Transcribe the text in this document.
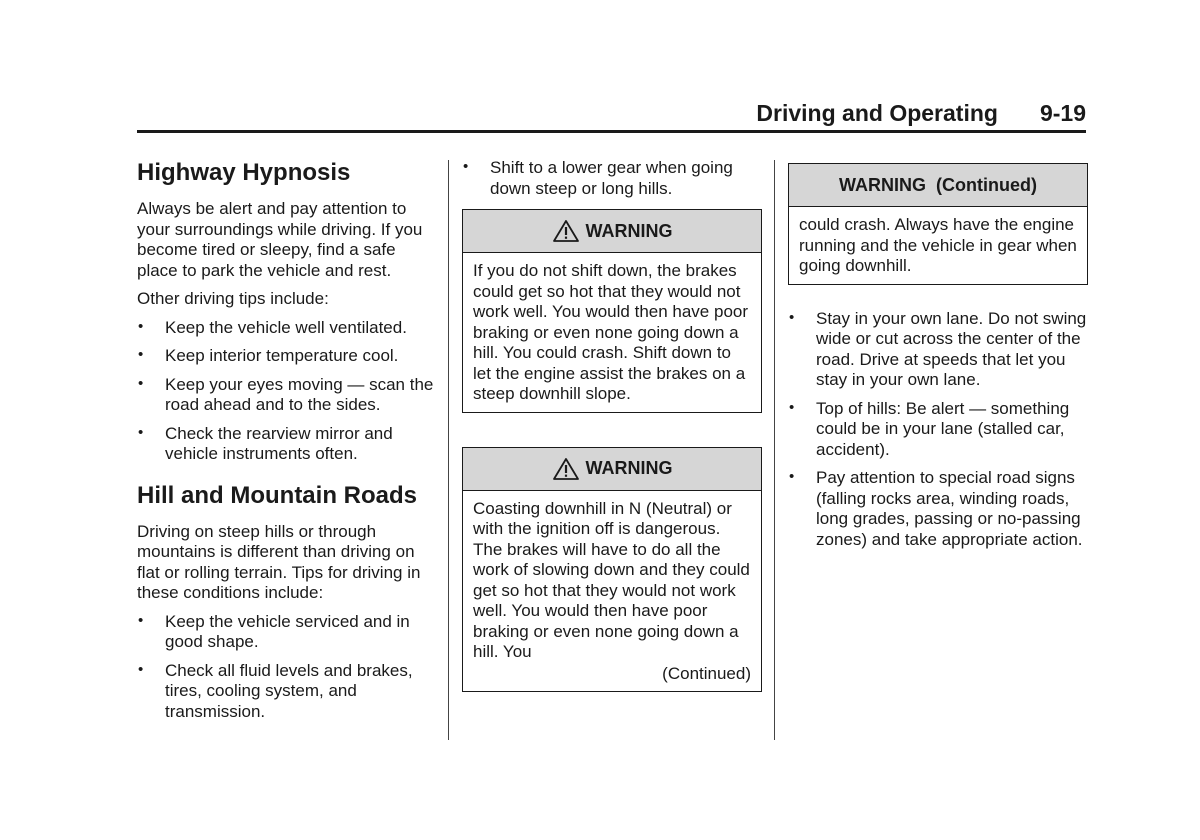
Driving and Operating 9-19
Highway Hypnosis

Always be alert and pay attention to your surroundings while driving. If you become tired or sleepy, find a safe place to park the vehicle and rest.

Other driving tips include:

• Keep the vehicle well ventilated.
• Keep interior temperature cool.
• Keep your eyes moving — scan the road ahead and to the sides.
• Check the rearview mirror and vehicle instruments often.
Hill and Mountain Roads

Driving on steep hills or through mountains is different than driving on flat or rolling terrain. Tips for driving in these conditions include:

• Keep the vehicle serviced and in good shape.
• Check all fluid levels and brakes, tires, cooling system, and transmission.
• Shift to a lower gear when going down steep or long hills.
WARNING
If you do not shift down, the brakes could get so hot that they would not work well. You would then have poor braking or even none going down a hill. You could crash. Shift down to let the engine assist the brakes on a steep downhill slope.
WARNING
Coasting downhill in N (Neutral) or with the ignition off is dangerous. The brakes will have to do all the work of slowing down and they could get so hot that they would not work well. You would then have poor braking or even none going down a hill. You
(Continued)
WARNING  (Continued)
could crash. Always have the engine running and the vehicle in gear when going downhill.
• Stay in your own lane. Do not swing wide or cut across the center of the road. Drive at speeds that let you stay in your own lane.
• Top of hills: Be alert — something could be in your lane (stalled car, accident).
• Pay attention to special road signs (falling rocks area, winding roads, long grades, passing or no-passing zones) and take appropriate action.
